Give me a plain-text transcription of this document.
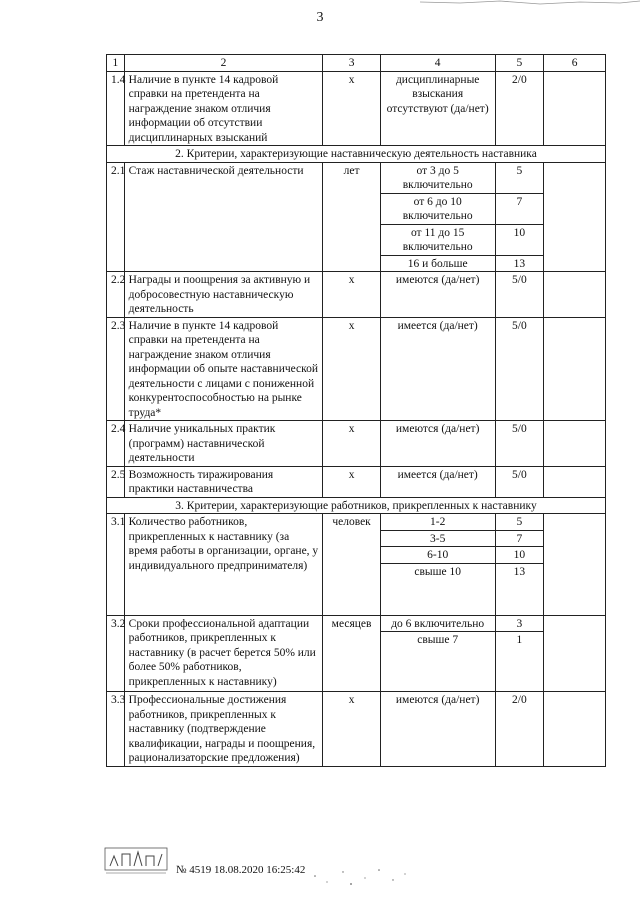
3
1	2	3	4	5	6
1.4	Наличие в пункте 14 кадровой справки на претендента на награждение знаком отличия информации об отсутствии дисциплинарных взысканий	х	дисциплинарные взыскания отсутствуют (да/нет)	2/0	
2. Критерии, характеризующие наставническую деятельность наставника					
2.1	Стаж наставнической деятельности	лет	от 3 до 5 включительно	5	
			от 6 до 10 включительно	7	
			от 11 до 15 включительно	10	
			16 и больше	13	
2.2	Награды и поощрения за активную и добросовестную наставническую деятельность	х	имеются (да/нет)	5/0	
2.3	Наличие в пункте 14 кадровой справки на претендента на награждение знаком отличия информации об опыте наставнической деятельности с лицами с пониженной конкурентоспособностью на рынке труда*	х	имеется (да/нет)	5/0	
2.4	Наличие уникальных практик (программ) наставнической деятельности	х	имеются (да/нет)	5/0	
2.5	Возможность тиражирования практики наставничества	х	имеется (да/нет)	5/0	
3. Критерии, характеризующие работников, прикрепленных к наставнику					
3.1	Количество работников, прикрепленных к наставнику (за время работы в организации, органе, у индивидуального предпринимателя)	человек	1-2	5	
			3-5	7	
			6-10	10	
			свыше 10	13	
3.2	Сроки профессиональной адаптации работников, прикрепленных к наставнику (в расчет берется 50% или более 50% работников, прикрепленных к наставнику)	месяцев	до 6 включительно	3	
			свыше 7	1	
3.3	Профессиональные достижения работников, прикрепленных к наставнику (подтверждение квалификации, награды и поощрения, рационализаторские предложения)	х	имеются (да/нет)	2/0	
№ 4519 18.08.2020 16:25:42
